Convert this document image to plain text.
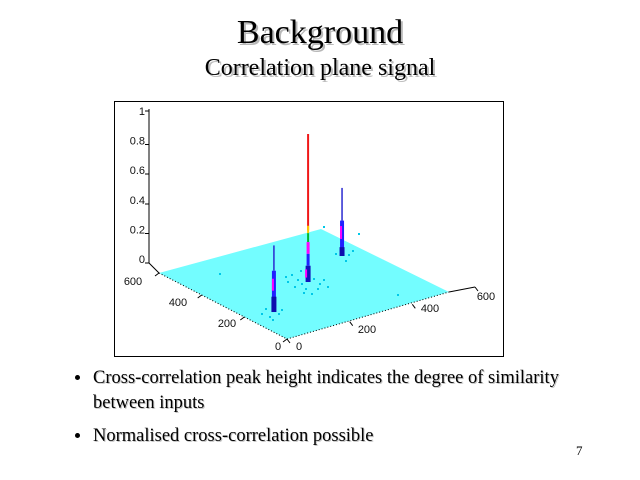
Background
Correlation plane signal
1
0.8
0.6
0.4
0.2
0
600
400
200
0 0
200
400
600
Cross-correlation peak height indicates the degree of similarity between inputs
Normalised cross-correlation possible
7
